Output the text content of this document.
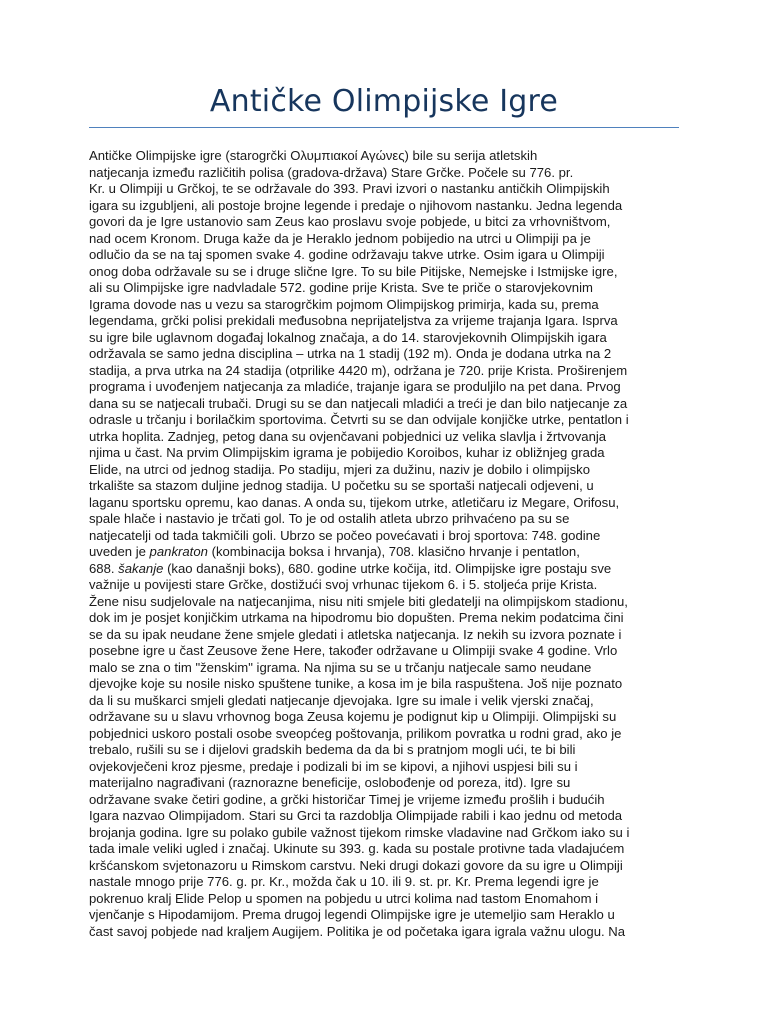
Antičke Olimpijske Igre
Antičke Olimpijske igre (starogrčki Ολυμπιακοί Αγώνες) bile su serija atletskih
natjecanja između različitih polisa (gradova-država) Stare Grčke. Počele su 776. pr.
Kr. u Olimpiji u Grčkoj, te se održavale do 393. Pravi izvori o nastanku antičkih Olimpijskih
igara su izgubljeni, ali postoje brojne legende i predaje o njihovom nastanku. Jedna legenda
govori da je Igre ustanovio sam Zeus kao proslavu svoje pobjede, u bitci za vrhovništvom,
nad ocem Kronom. Druga kaže da je Heraklo jednom pobijedio na utrci u Olimpiji pa je
odlučio da se na taj spomen svake 4. godine održavaju takve utrke. Osim igara u Olimpiji
onog doba održavale su se i druge slične Igre. To su bile Pitijske, Nemejske i Istmijske igre,
ali su Olimpijske igre nadvladale 572. godine prije Krista. Sve te priče o starovjekovnim
Igrama dovode nas u vezu sa starogrčkim pojmom Olimpijskog primirja, kada su, prema
legendama, grčki polisi prekidali međusobna neprijateljstva za vrijeme trajanja Igara. Isprva
su igre bile uglavnom događaj lokalnog značaja, a do 14. starovjekovnih Olimpijskih igara
održavala se samo jedna disciplina – utrka na 1 stadij (192 m). Onda je dodana utrka na 2
stadija, a prva utrka na 24 stadija (otprilike 4420 m), održana je 720. prije Krista. Proširenjem
programa i uvođenjem natjecanja za mladiće, trajanje igara se produljilo na pet dana. Prvog
dana su se natjecali trubači. Drugi su se dan natjecali mladići a treći je dan bilo natjecanje za
odrasle u trčanju i borilačkim sportovima. Četvrti su se dan odvijale konjičke utrke, pentatlon i
utrka hoplita. Zadnjeg, petog dana su ovjenčavani pobjednici uz velika slavlja i žrtvovanja
njima u čast. Na prvim Olimpijskim igrama je pobijedio Koroibos, kuhar iz obližnjeg grada
Elide, na utrci od jednog stadija. Po stadiju, mjeri za dužinu, naziv je dobilo i olimpijsko
trkalište sa stazom duljine jednog stadija. U početku su se sportaši natjecali odjeveni, u
laganu sportsku opremu, kao danas. A onda su, tijekom utrke, atletičaru iz Megare, Orifosu,
spale hlače i nastavio je trčati gol. To je od ostalih atleta ubrzo prihvaćeno pa su se
natjecatelji od tada takmičili goli. Ubrzo se počeo povećavati i broj sportova: 748. godine
uveden je pankraton (kombinacija boksa i hrvanja), 708. klasično hrvanje i pentatlon,
688. šakanje (kao današnji boks), 680. godine utrke kočija, itd. Olimpijske igre postaju sve
važnije u povijesti stare Grčke, dostižući svoj vrhunac tijekom 6. i 5. stoljeća prije Krista.
Žene nisu sudjelovale na natjecanjima, nisu niti smjele biti gledatelji na olimpijskom stadionu,
dok im je posjet konjičkim utrkama na hipodromu bio dopušten. Prema nekim podatcima čini
se da su ipak neudane žene smjele gledati i atletska natjecanja. Iz nekih su izvora poznate i
posebne igre u čast Zeusove žene Here, također održavane u Olimpiji svake 4 godine. Vrlo
malo se zna o tim "ženskim" igrama. Na njima su se u trčanju natjecale samo neudane
djevojke koje su nosile nisko spuštene tunike, a kosa im je bila raspuštena. Još nije poznato
da li su muškarci smjeli gledati natjecanje djevojaka. Igre su imale i velik vjerski značaj,
održavane su u slavu vrhovnog boga Zeusa kojemu je podignut kip u Olimpiji. Olimpijski su
pobjednici uskoro postali osobe sveopćeg poštovanja, prilikom povratka u rodni grad, ako je
trebalo, rušili su se i dijelovi gradskih bedema da da bi s pratnjom mogli ući, te bi bili
ovjekovječeni kroz pjesme, predaje i podizali bi im se kipovi, a njihovi uspjesi bili su i
materijalno nagrađivani (raznorazne beneficije, oslobođenje od poreza, itd). Igre su
održavane svake četiri godine, a grčki historičar Timej je vrijeme između prošlih i budućih
Igara nazvao Olimpijadom. Stari su Grci ta razdoblja Olimpijade rabili i kao jednu od metoda
brojanja godina. Igre su polako gubile važnost tijekom rimske vladavine nad Grčkom iako su i
tada imale veliki ugled i značaj. Ukinute su 393. g. kada su postale protivne tada vladajućem
kršćanskom svjetonazoru u Rimskom carstvu. Neki drugi dokazi govore da su igre u Olimpiji
nastale mnogo prije 776. g. pr. Kr., možda čak u 10. ili 9. st. pr. Kr. Prema legendi igre je
pokrenuo kralj Elide Pelop u spomen na pobjedu u utrci kolima nad tastom Enomahom i
vjenčanje s Hipodamijom. Prema drugoj legendi Olimpijske igre je utemeljio sam Heraklo u
čast savoj pobjede nad kraljem Augijem. Politika je od početaka igara igrala važnu ulogu. Na
